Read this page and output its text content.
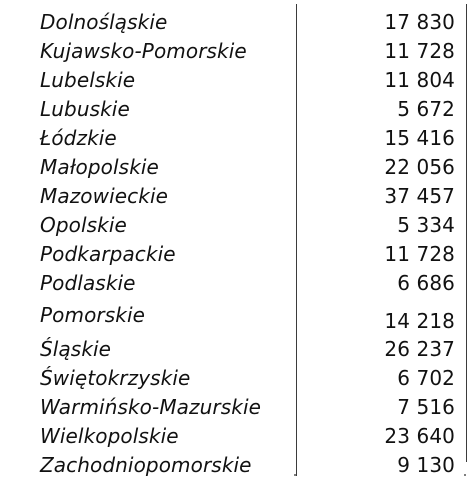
Dolnośląskie	17 830
Kujawsko-Pomorskie	11 728
Lubelskie	11 804
Lubuskie	5 672
Łódzkie	15 416
Małopolskie	22 056
Mazowieckie	37 457
Opolskie	5 334
Podkarpackie	11 728
Podlaskie	6 686
Pomorskie	14 218
Śląskie	26 237
Świętokrzyskie	6 702
Warmińsko-Mazurskie	7 516
Wielkopolskie	23 640
Zachodniopomorskie	9 130
